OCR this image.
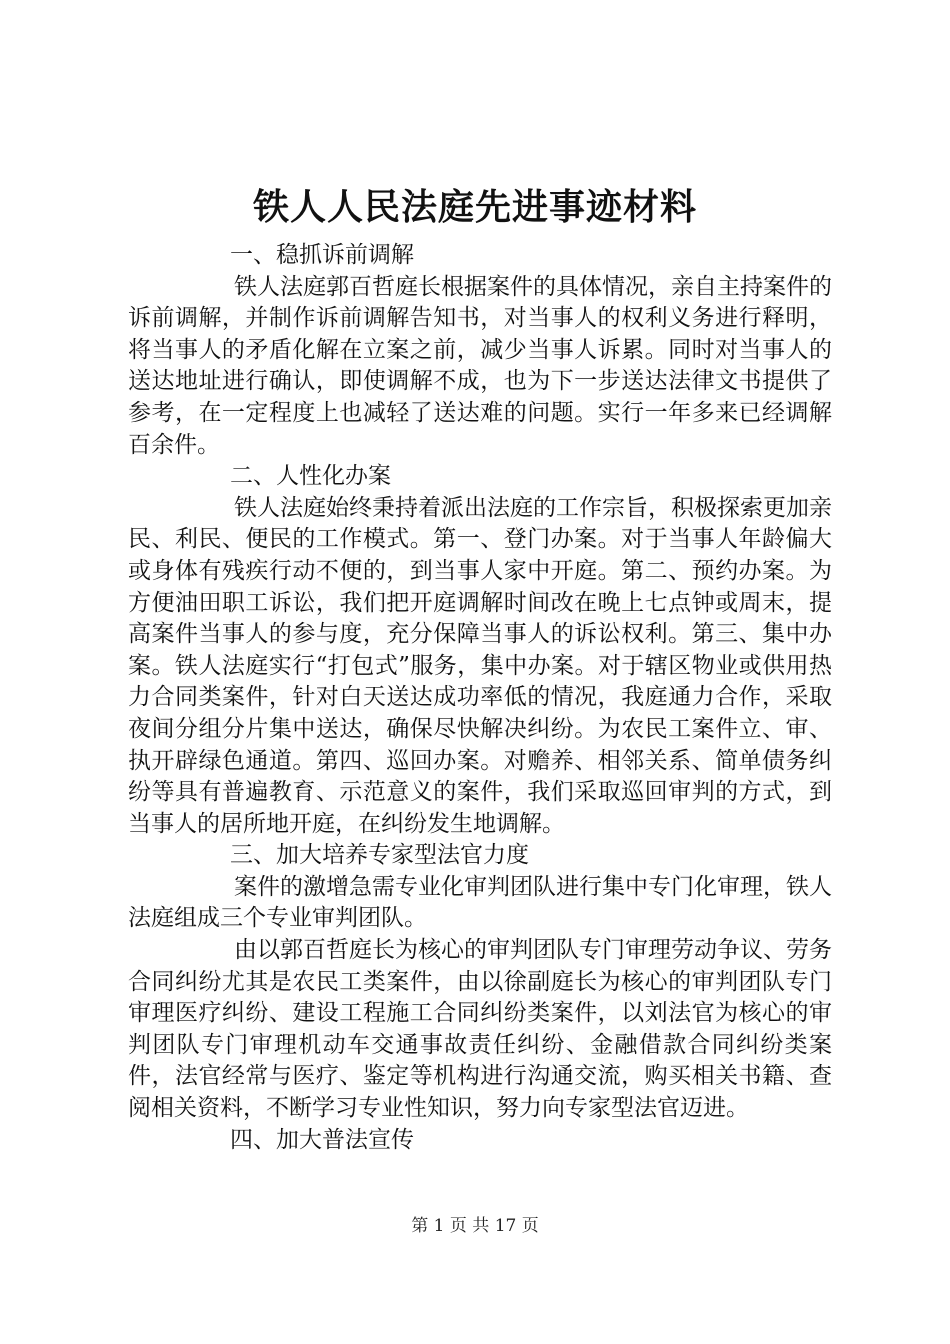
铁人人民法庭先进事迹材料

一、稳抓诉前调解

铁人法庭郭百哲庭长根据案件的具体情况，亲自主持案件的诉前调解，并制作诉前调解告知书，对当事人的权利义务进行释明，将当事人的矛盾化解在立案之前，减少当事人诉累。同时对当事人的送达地址进行确认，即使调解不成，也为下一步送达法律文书提供了参考，在一定程度上也减轻了送达难的问题。实行一年多来已经调解百余件。

二、人性化办案

铁人法庭始终秉持着派出法庭的工作宗旨，积极探索更加亲民、利民、便民的工作模式。第一、登门办案。对于当事人年龄偏大或身体有残疾行动不便的，到当事人家中开庭。第二、预约办案。为方便油田职工诉讼，我们把开庭调解时间改在晚上七点钟或周末，提高案件当事人的参与度，充分保障当事人的诉讼权利。第三、集中办案。铁人法庭实行“打包式”服务，集中办案。对于辖区物业或供用热力合同类案件，针对白天送达成功率低的情况，我庭通力合作，采取夜间分组分片集中送达，确保尽快解决纠纷。为农民工案件立、审、执开辟绿色通道。第四、巡回办案。对赡养、相邻关系、简单债务纠纷等具有普遍教育、示范意义的案件，我们采取巡回审判的方式，到当事人的居所地开庭，在纠纷发生地调解。

三、加大培养专家型法官力度

案件的激增急需专业化审判团队进行集中专门化审理，铁人法庭组成三个专业审判团队。

由以郭百哲庭长为核心的审判团队专门审理劳动争议、劳务合同纠纷尤其是农民工类案件，由以徐副庭长为核心的审判团队专门审理医疗纠纷、建设工程施工合同纠纷类案件，以刘法官为核心的审判团队专门审理机动车交通事故责任纠纷、金融借款合同纠纷类案件，法官经常与医疗、鉴定等机构进行沟通交流，购买相关书籍、查阅相关资料，不断学习专业性知识，努力向专家型法官迈进。

四、加大普法宣传

第 1 页 共 17 页
